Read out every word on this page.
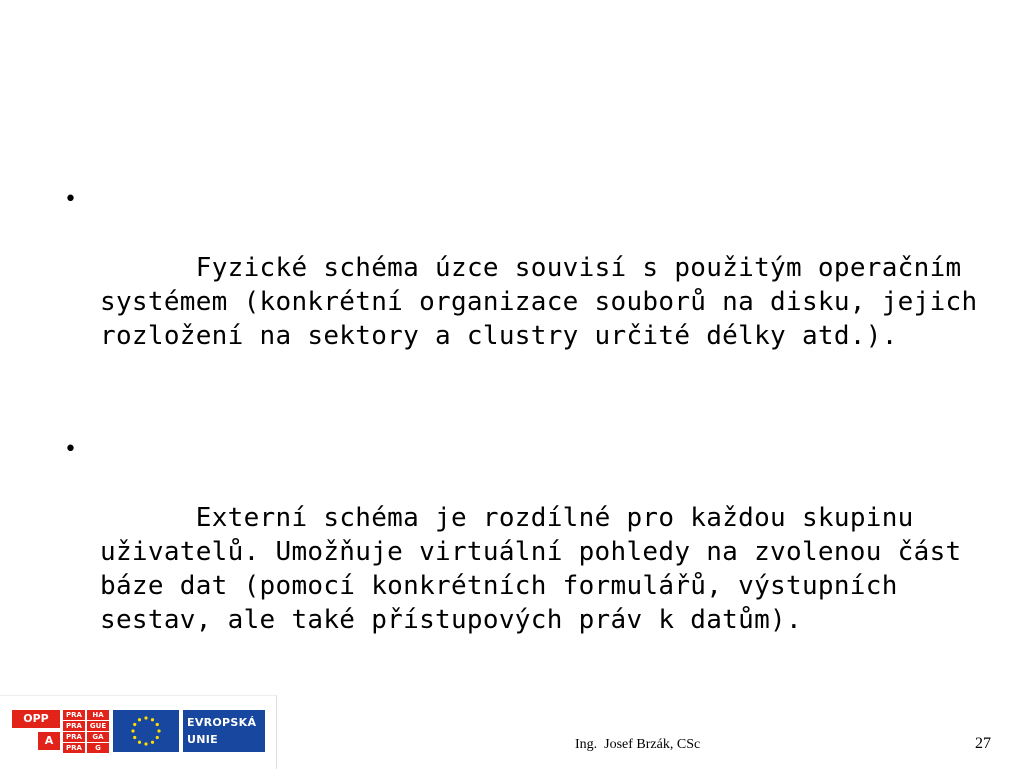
•

Fyzické schéma úzce souvisí s použitým operačním systémem (konkrétní organizace souborů na disku, jejich rozložení na sektory a clustry určité délky atd.).

•

Externí schéma je rozdílné pro každou skupinu uživatelů. Umožňuje virtuální pohledy na zvolenou část báze dat (pomocí konkrétních formulářů, výstupních sestav, ale také přístupových práv k datům).

OPP
A
PRA	HA
PRA	GUE
PRA	GA
PRA	G
EVROPSKÁ
UNIE	Ing.  Josef Brzák, CSc	27
